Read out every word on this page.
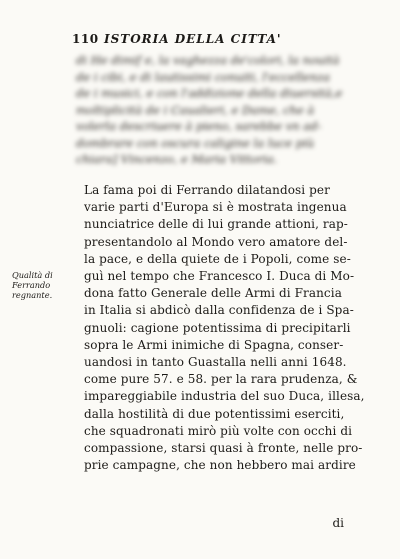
110 ISTORIA DELLA CITTA'
di He dimif e, la vaghezza de'colori, la nouità
de i cibi, e di lautissimi conuiti, l'eccellenza
de i musici, e con l'addizione della diuersità,e
moltiplicità de i Caualieri, e Dame, che à
volerla descriuere à pieno, sarebbe vn ad-
dombrare con oscura caligine la luce più
chiara] Vincenzo, e Maria Vittoria.
Qualità di
Ferrando
regnante.
La fama poi di Ferrando dilatandosi per
varie parti d'Europa si è mostrata ingenua
nunciatrice delle di lui grande attioni, rap-
presentandolo al Mondo vero amatore del-
la pace, e della quiete de i Popoli, come se-
guì nel tempo che Francesco I. Duca di Mo-
dona fatto Generale delle Armi di Francia
in Italia si abdicò dalla confidenza de i Spa-
gnuoli: cagione potentissima di precipitarli
sopra le Armi inimiche di Spagna, conser-
uandosi in tanto Guastalla nelli anni 1648.
come pure 57. e 58. per la rara prudenza, &
impareggiabile industria del suo Duca, illesa,
dalla hostilità di due potentissimi eserciti,
che squadronati mirò più volte con occhi di
compassione, starsi quasi à fronte, nelle pro-
prie campagne, che non hebbero mai ardire
di
